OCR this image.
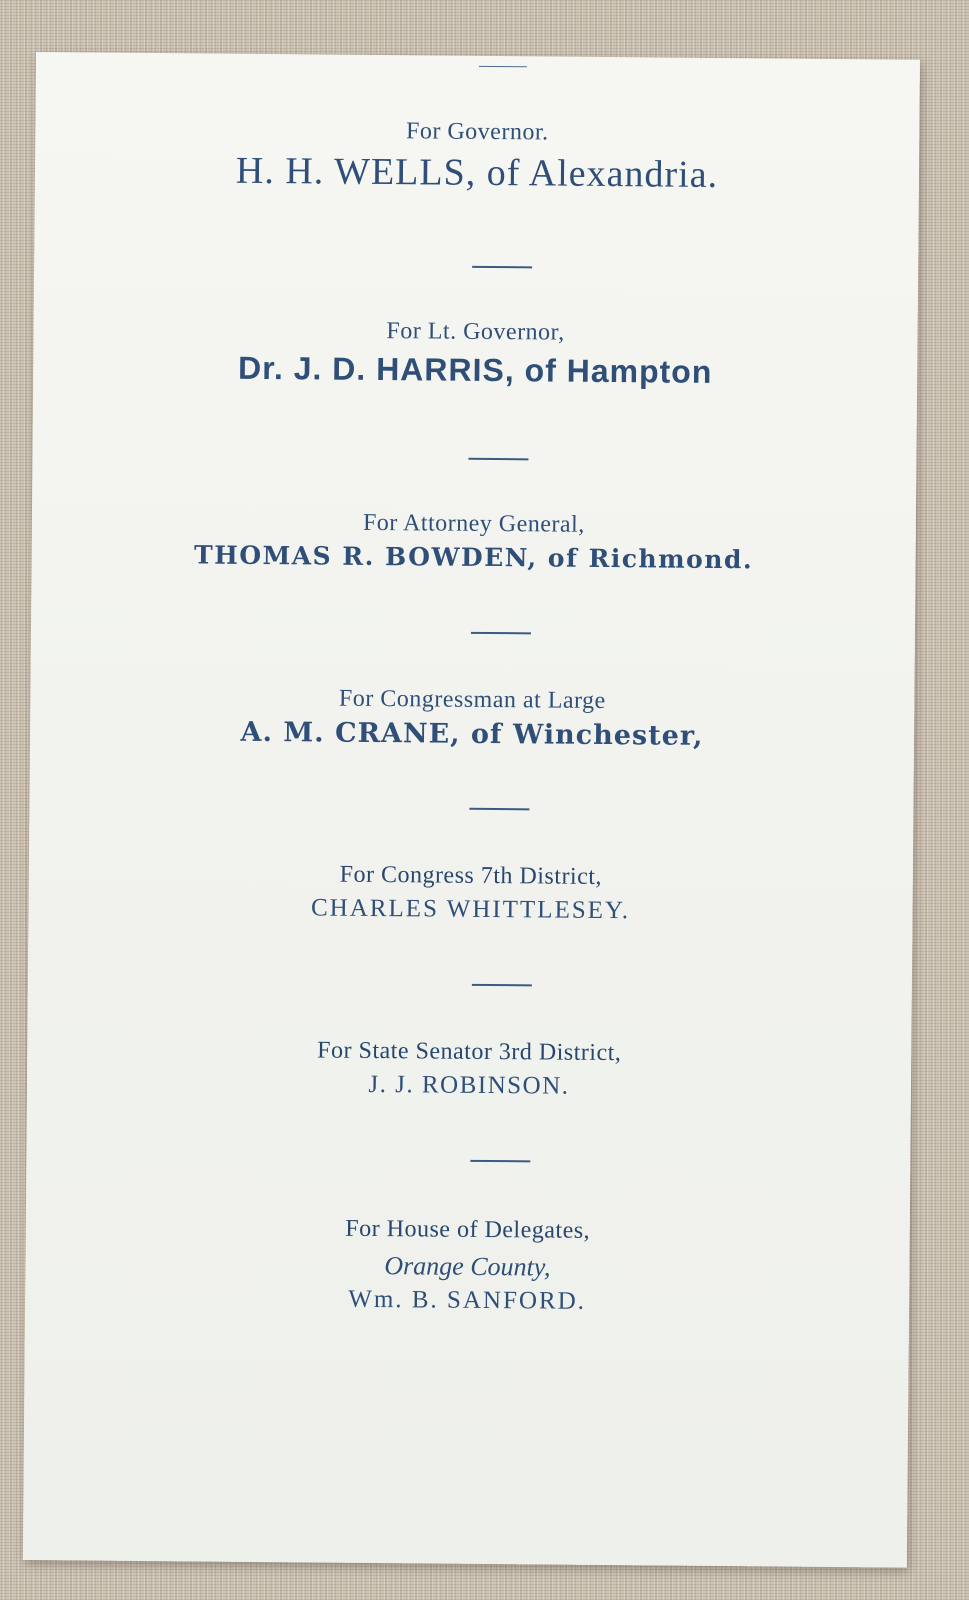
For Governor.
H. H. WELLS, of Alexandria.
For Lt. Governor,
Dr. J. D. HARRIS, of Hampton
For Attorney General,
THOMAS R. BOWDEN, of Richmond.
For Congressman at Large
A. M. CRANE, of Winchester,
For Congress 7th District,
CHARLES WHITTLESEY.
For State Senator 3rd District,
J. J. ROBINSON.
For House of Delegates,
Orange County,
Wm. B. SANFORD.
